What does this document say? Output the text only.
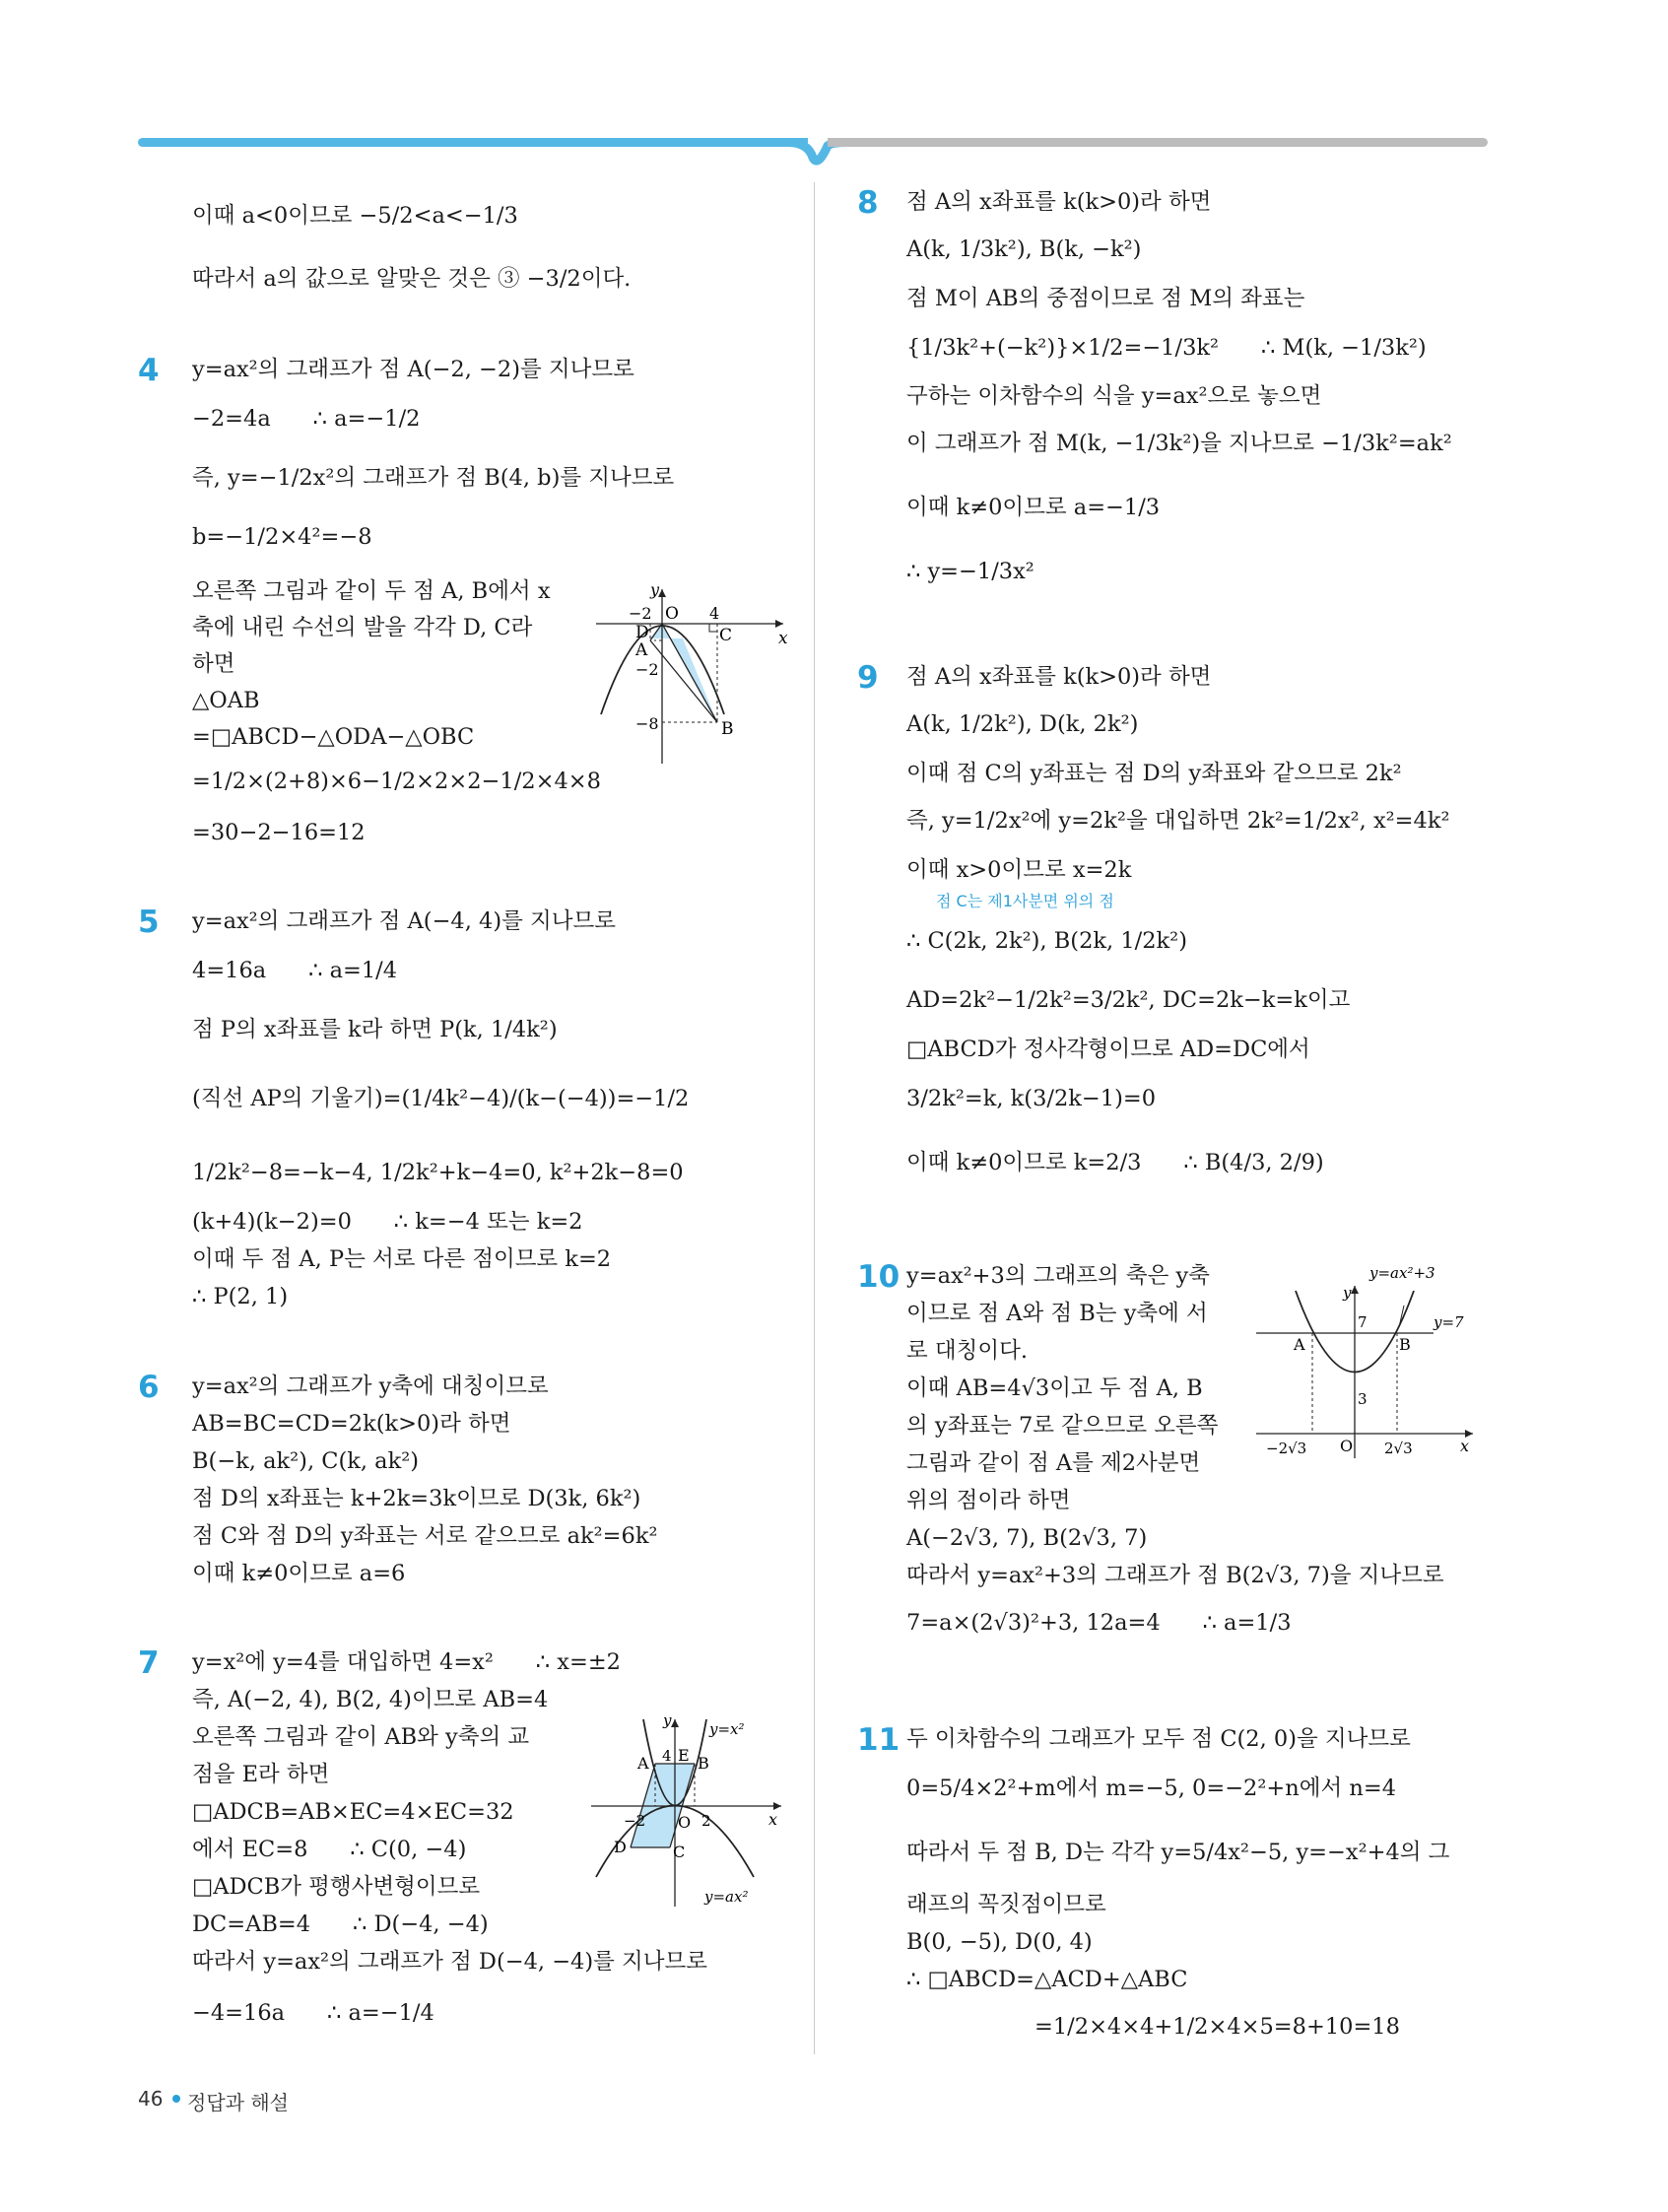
이때 a<0이므로 −5/2<a<−1/3
따라서 a의 값으로 알맞은 것은 ③ −3/2이다.
4 y=ax²의 그래프가 점 A(−2, −2)를 지나므로
−2=4a      ∴ a=−1/2
즉, y=−1/2x²의 그래프가 점 B(4, b)를 지나므로
b=−1/2×4²=−8
오른쪽 그림과 같이 두 점 A, B에서 x
축에 내린 수선의 발을 각각 D, C라
하면
△OAB
=□ABCD−△ODA−△OBC
=1/2×(2+8)×6−1/2×2×2−1/2×4×8
=30−2−16=12
y
x
O
−2	4
D	C
A
B
−2
−8
5 y=ax²의 그래프가 점 A(−4, 4)를 지나므로
4=16a      ∴ a=1/4
점 P의 x좌표를 k라 하면 P(k, 1/4k²)
(직선 AP의 기울기)=(1/4k²−4)/(k−(−4))=−1/2
1/2k²−8=−k−4, 1/2k²+k−4=0, k²+2k−8=0
(k+4)(k−2)=0      ∴ k=−4 또는 k=2
이때 두 점 A, P는 서로 다른 점이므로 k=2
∴ P(2, 1)
6 y=ax²의 그래프가 y축에 대칭이므로
AB=BC=CD=2k(k>0)라 하면
B(−k, ak²), C(k, ak²)
점 D의 x좌표는 k+2k=3k이므로 D(3k, 6k²)
점 C와 점 D의 y좌표는 서로 같으므로 ak²=6k²
이때 k≠0이므로 a=6
7 y=x²에 y=4를 대입하면 4=x²      ∴ x=±2
즉, A(−2, 4), B(2, 4)이므로 AB=4
오른쪽 그림과 같이 AB와 y축의 교
점을 E라 하면
□ADCB=AB×EC=4×EC=32
에서 EC=8      ∴ C(0, −4)
□ADCB가 평행사변형이므로
DC=AB=4      ∴ D(−4, −4)
따라서 y=ax²의 그래프가 점 D(−4, −4)를 지나므로
−4=16a      ∴ a=−1/4
y
x
O
y=x²
y=ax²
A E B
4
D	C
−2	2
8 점 A의 x좌표를 k(k>0)라 하면
A(k, 1/3k²), B(k, −k²)
점 M이 AB의 중점이므로 점 M의 좌표는
{1/3k²+(−k²)}×1/2=−1/3k²      ∴ M(k, −1/3k²)
구하는 이차함수의 식을 y=ax²으로 놓으면
이 그래프가 점 M(k, −1/3k²)을 지나므로 −1/3k²=ak²
이때 k≠0이므로 a=−1/3
∴ y=−1/3x²
9 점 A의 x좌표를 k(k>0)라 하면
A(k, 1/2k²), D(k, 2k²)
이때 점 C의 y좌표는 점 D의 y좌표와 같으므로 2k²
즉, y=1/2x²에 y=2k²을 대입하면 2k²=1/2x², x²=4k²
이때 x>0이므로 x=2k
점 C는 제1사분면 위의 점
∴ C(2k, 2k²), B(2k, 1/2k²)
AD=2k²−1/2k²=3/2k², DC=2k−k=k이고
□ABCD가 정사각형이므로 AD=DC에서
3/2k²=k, k(3/2k−1)=0
이때 k≠0이므로 k=2/3      ∴ B(4/3, 2/9)
10 y=ax²+3의 그래프의 축은 y축
이므로 점 A와 점 B는 y축에 서
로 대칭이다.
이때 AB=4√3이고 두 점 A, B
의 y좌표는 7로 같으므로 오른쪽
그림과 같이 점 A를 제2사분면
위의 점이라 하면
A(−2√3, 7), B(2√3, 7)
따라서 y=ax²+3의 그래프가 점 B(2√3, 7)을 지나므로
7=a×(2√3)²+3, 12a=4      ∴ a=1/3
y=ax²+3
y
x
O
7	y=7
A	B
3
−2√3	2√3
11 두 이차함수의 그래프가 모두 점 C(2, 0)을 지나므로
0=5/4×2²+m에서 m=−5, 0=−2²+n에서 n=4
따라서 두 점 B, D는 각각 y=5/4x²−5, y=−x²+4의 그
래프의 꼭짓점이므로
B(0, −5), D(0, 4)
∴ □ABCD=△ACD+△ABC
=1/2×4×4+1/2×4×5=8+10=18
46 정답과 해설
